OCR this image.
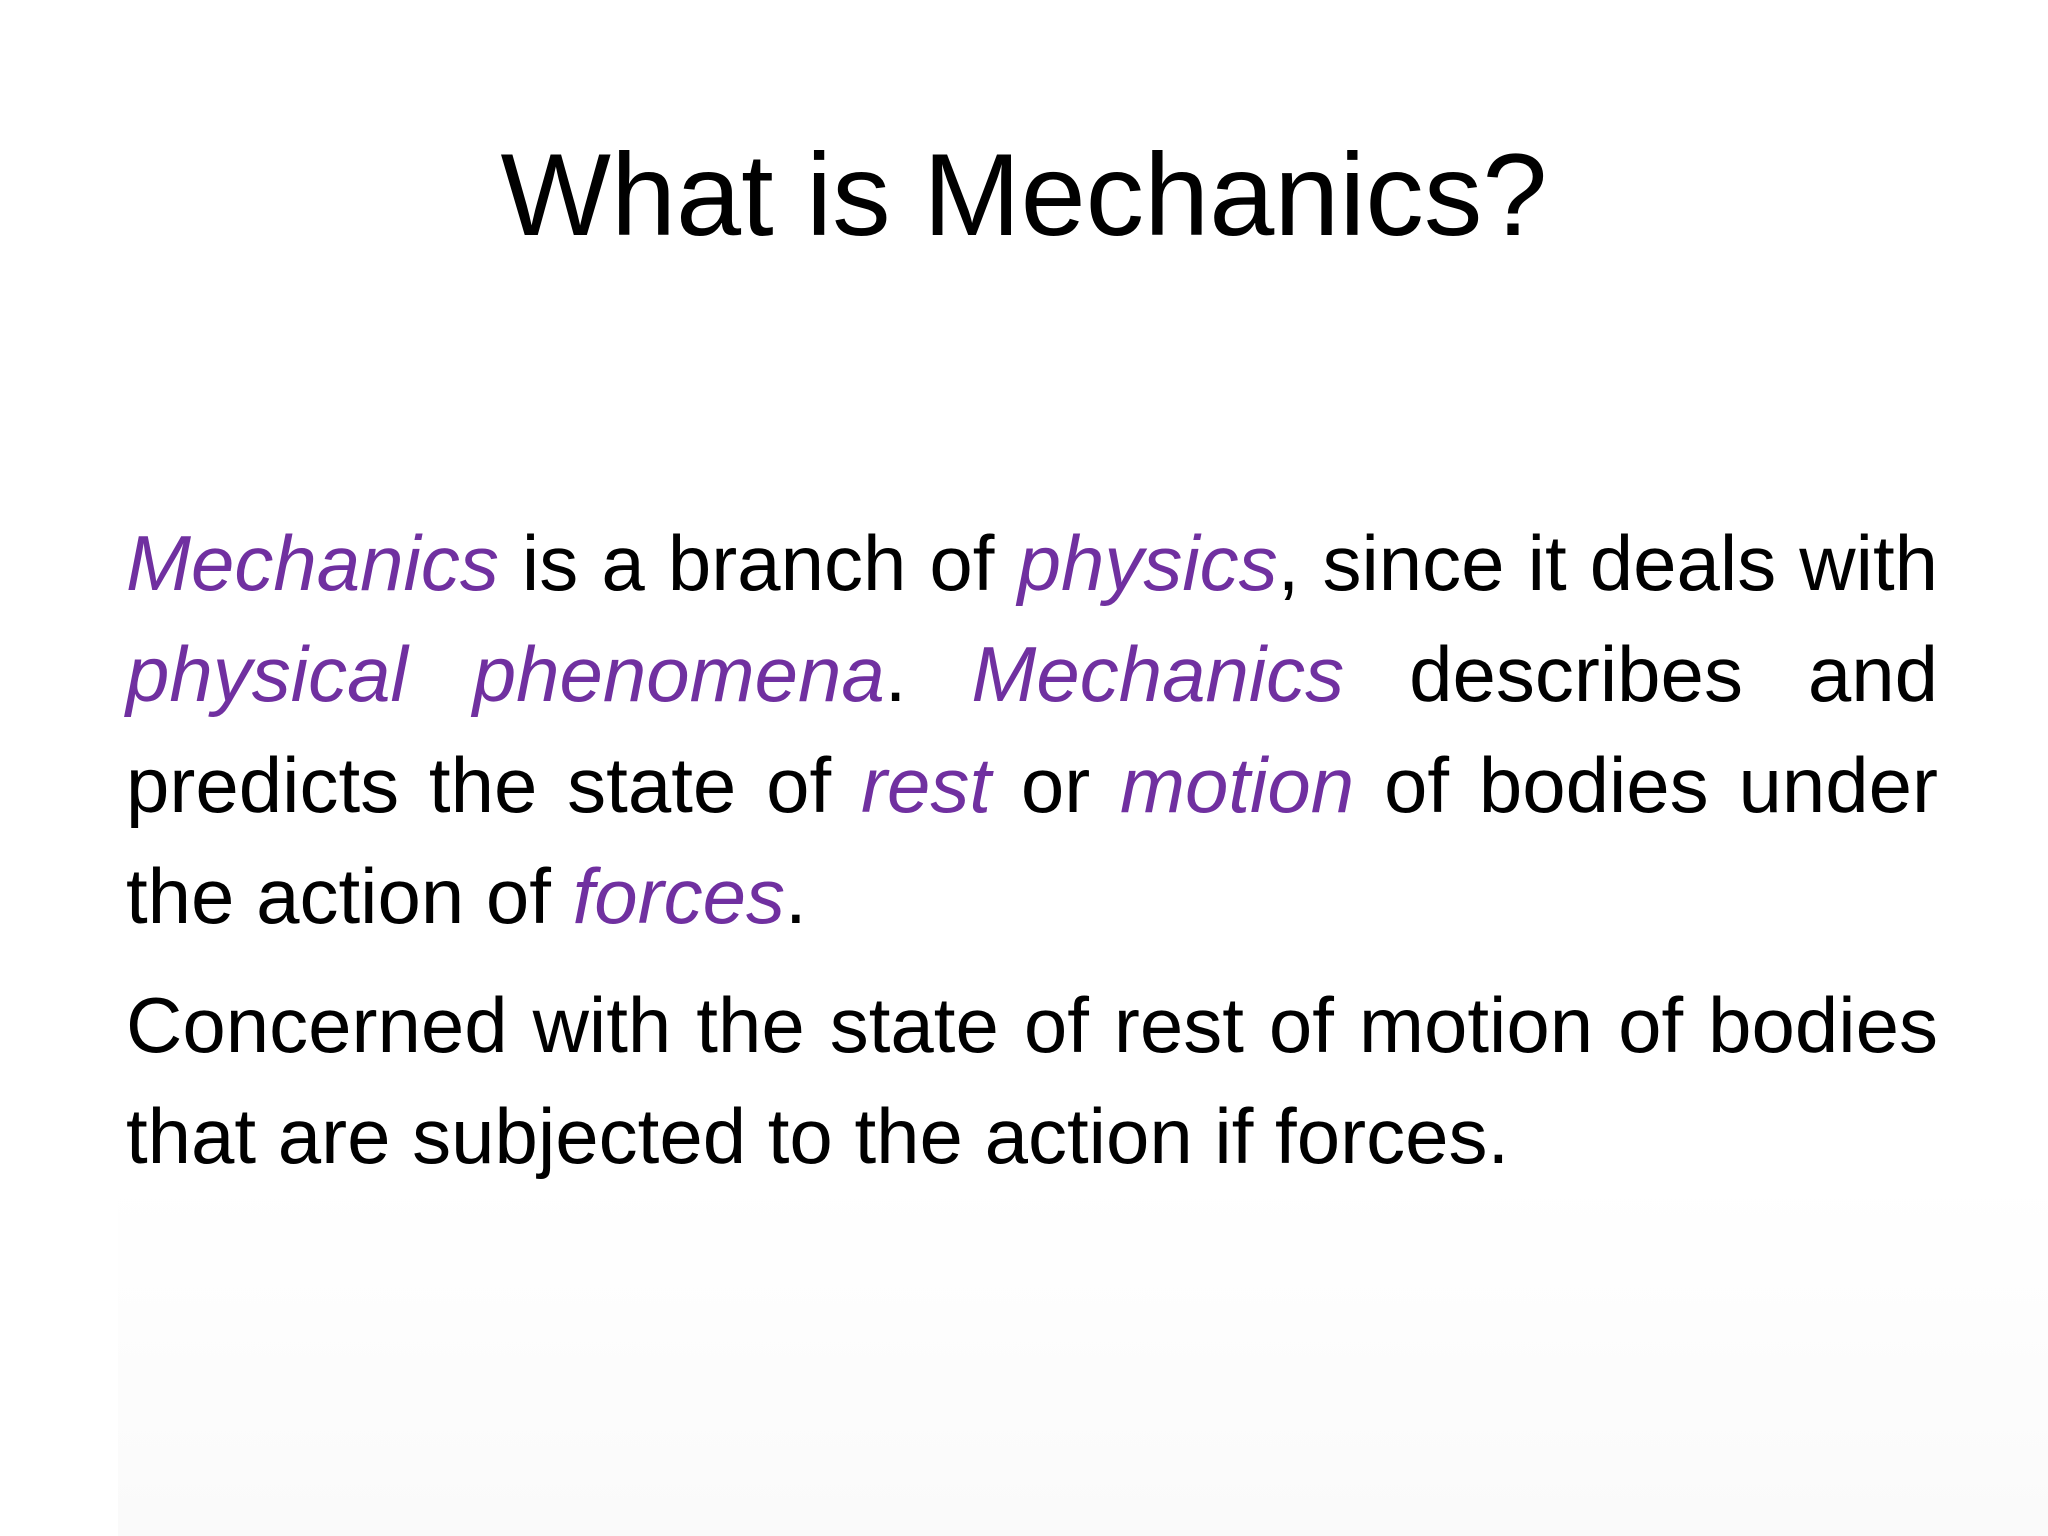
What is Mechanics?

Mechanics is a branch of physics, since it deals with physical phenomena. Mechanics describes and predicts the state of rest or motion of bodies under the action of forces.

Concerned with the state of rest of motion of bodies that are subjected to the action if forces.
